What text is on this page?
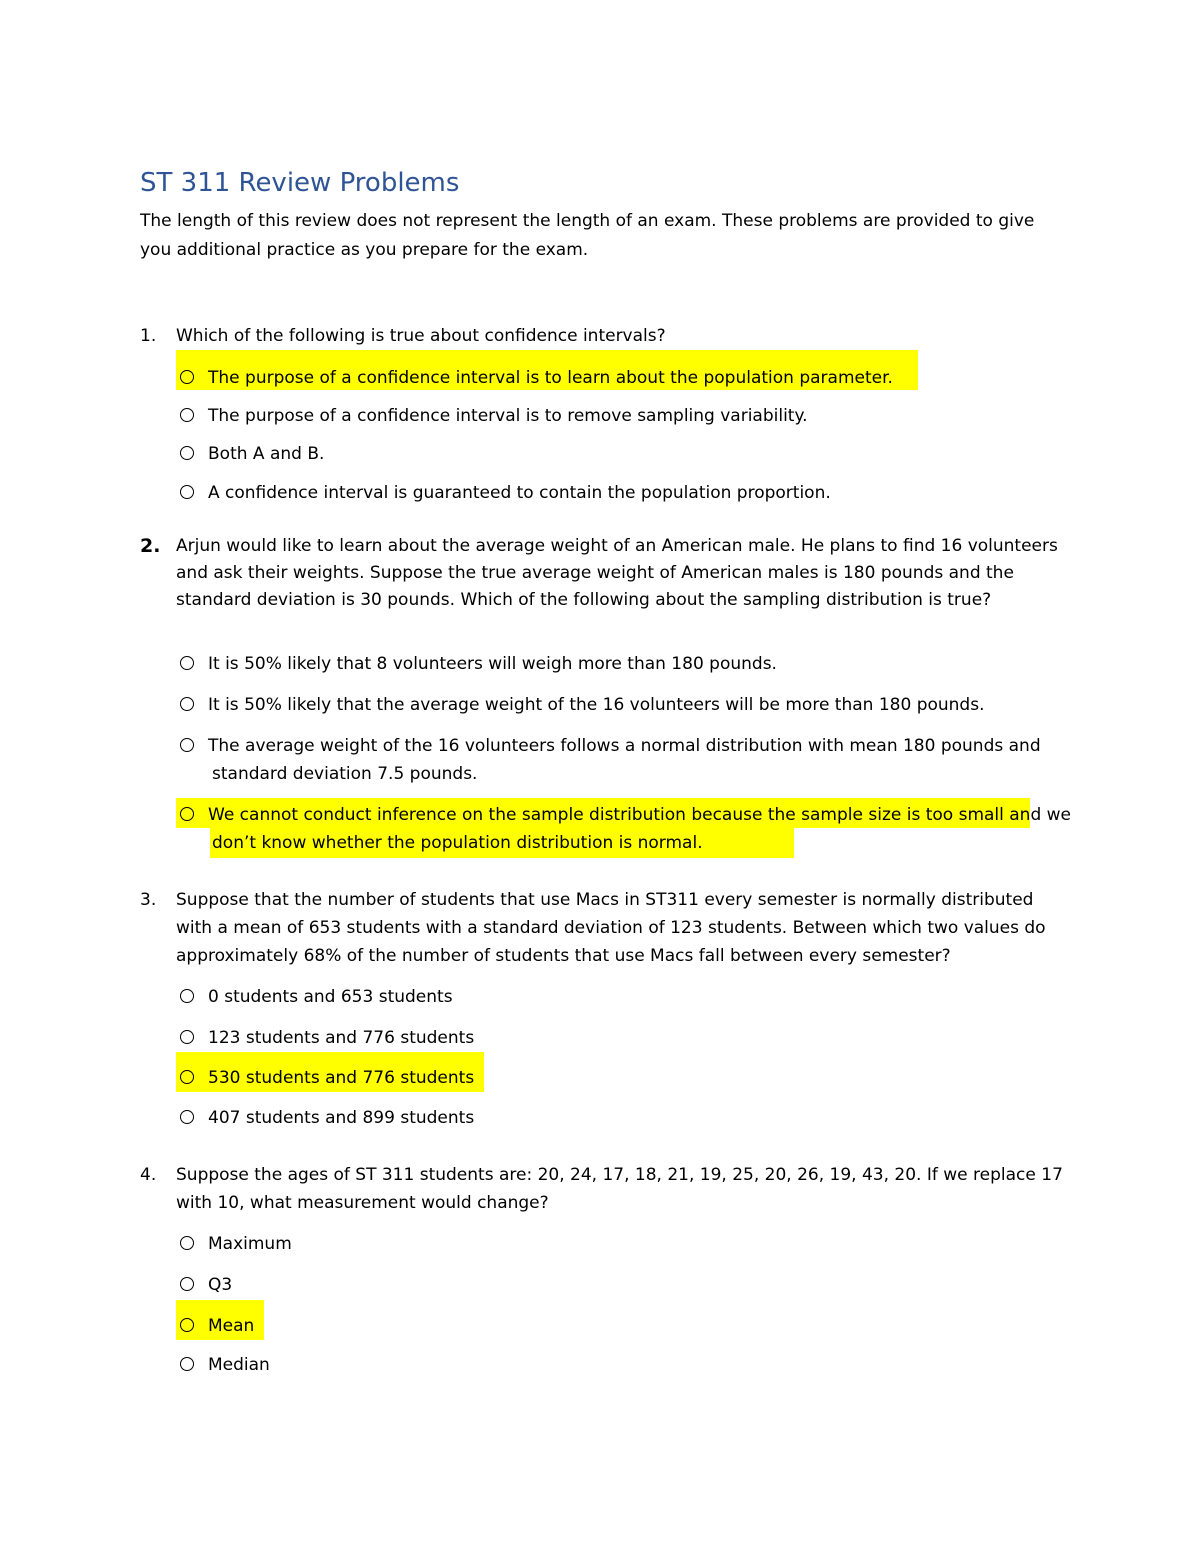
ST 311 Review Problems
The length of this review does not represent the length of an exam. These problems are provided to give you additional practice as you prepare for the exam.
1.	Which of the following is true about confidence intervals?
The purpose of a confidence interval is to learn about the population parameter.
The purpose of a confidence interval is to remove sampling variability.
Both A and B.
A confidence interval is guaranteed to contain the population proportion.
2. Arjun would like to learn about the average weight of an American male. He plans to find 16 volunteers and ask their weights. Suppose the true average weight of American males is 180 pounds and the standard deviation is 30 pounds. Which of the following about the sampling distribution is true?
It is 50% likely that 8 volunteers will weigh more than 180 pounds.
It is 50% likely that the average weight of the 16 volunteers will be more than 180 pounds.
The average weight of the 16 volunteers follows a normal distribution with mean 180 pounds and standard deviation 7.5 pounds.
We cannot conduct inference on the sample distribution because the sample size is too small and we don’t know whether the population distribution is normal.
3.	Suppose that the number of students that use Macs in ST311 every semester is normally distributed with a mean of 653 students with a standard deviation of 123 students. Between which two values do approximately 68% of the number of students that use Macs fall between every semester?
0 students and 653 students
123 students and 776 students
530 students and 776 students
407 students and 899 students
4.	Suppose the ages of ST 311 students are: 20, 24, 17, 18, 21, 19, 25, 20, 26, 19, 43, 20. If we replace 17 with 10, what measurement would change?
Maximum
Q3
Mean
Median
